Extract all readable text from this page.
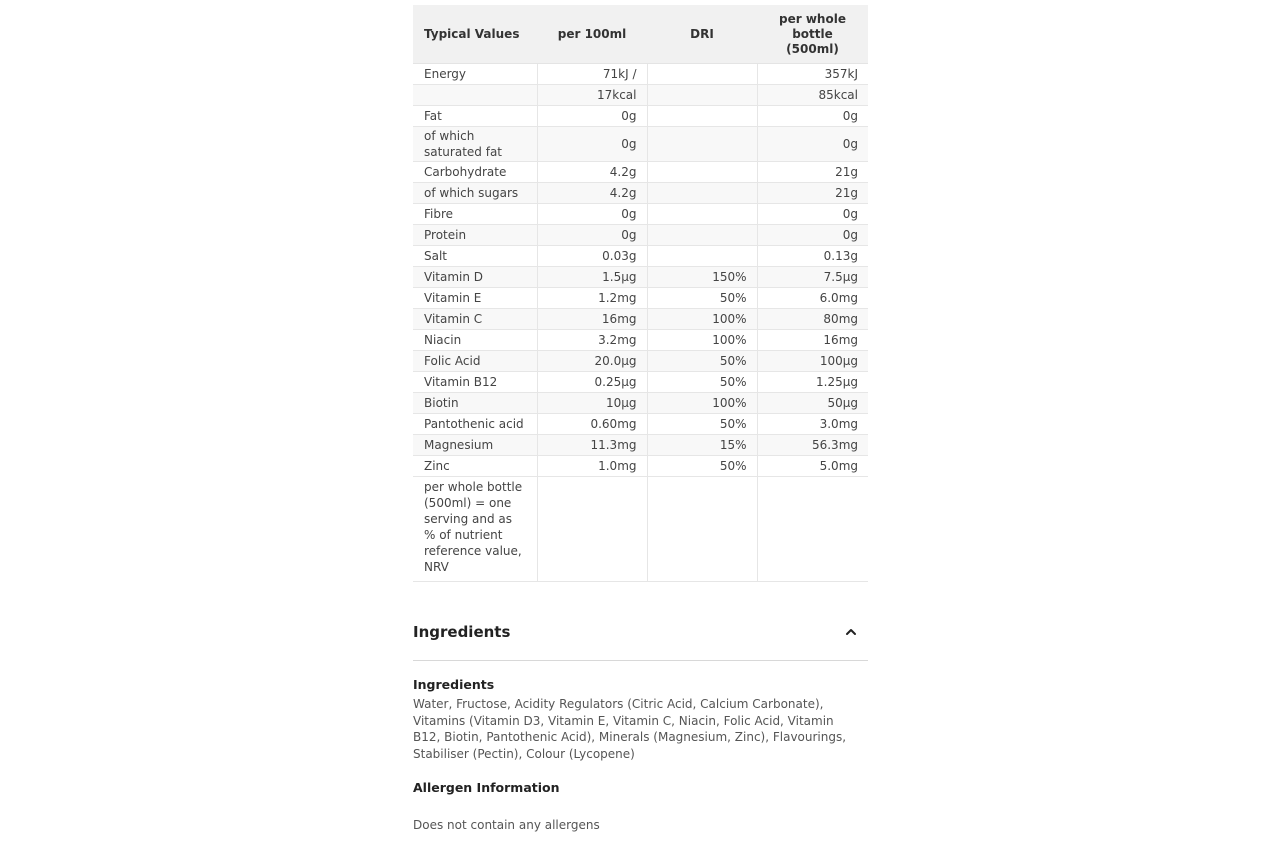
Typical Values	per 100ml	DRI	per whole
bottle (500ml)
Energy	71kJ /		357kJ
	17kcal		85kcal
Fat	0g		0g
of which saturated fat	0g		0g
Carbohydrate	4.2g		21g
of which sugars	4.2g		21g
Fibre	0g		0g
Protein	0g		0g
Salt	0.03g		0.13g
Vitamin D	1.5µg	150%	7.5µg
Vitamin E	1.2mg	50%	6.0mg
Vitamin C	16mg	100%	80mg
Niacin	3.2mg	100%	16mg
Folic Acid	20.0µg	50%	100µg
Vitamin B12	0.25µg	50%	1.25µg
Biotin	10µg	100%	50µg
Pantothenic acid	0.60mg	50%	3.0mg
Magnesium	11.3mg	15%	56.3mg
Zinc	1.0mg	50%	5.0mg
per whole bottle (500ml) = one serving and as % of nutrient reference value, NRV			
Ingredients

Ingredients

Water, Fructose, Acidity Regulators (Citric Acid, Calcium Carbonate), Vitamins (Vitamin D3, Vitamin E, Vitamin C, Niacin, Folic Acid, Vitamin B12, Biotin, Pantothenic Acid), Minerals (Magnesium, Zinc), Flavourings, Stabiliser (Pectin), Colour (Lycopene)

Allergen Information

Does not contain any allergens
